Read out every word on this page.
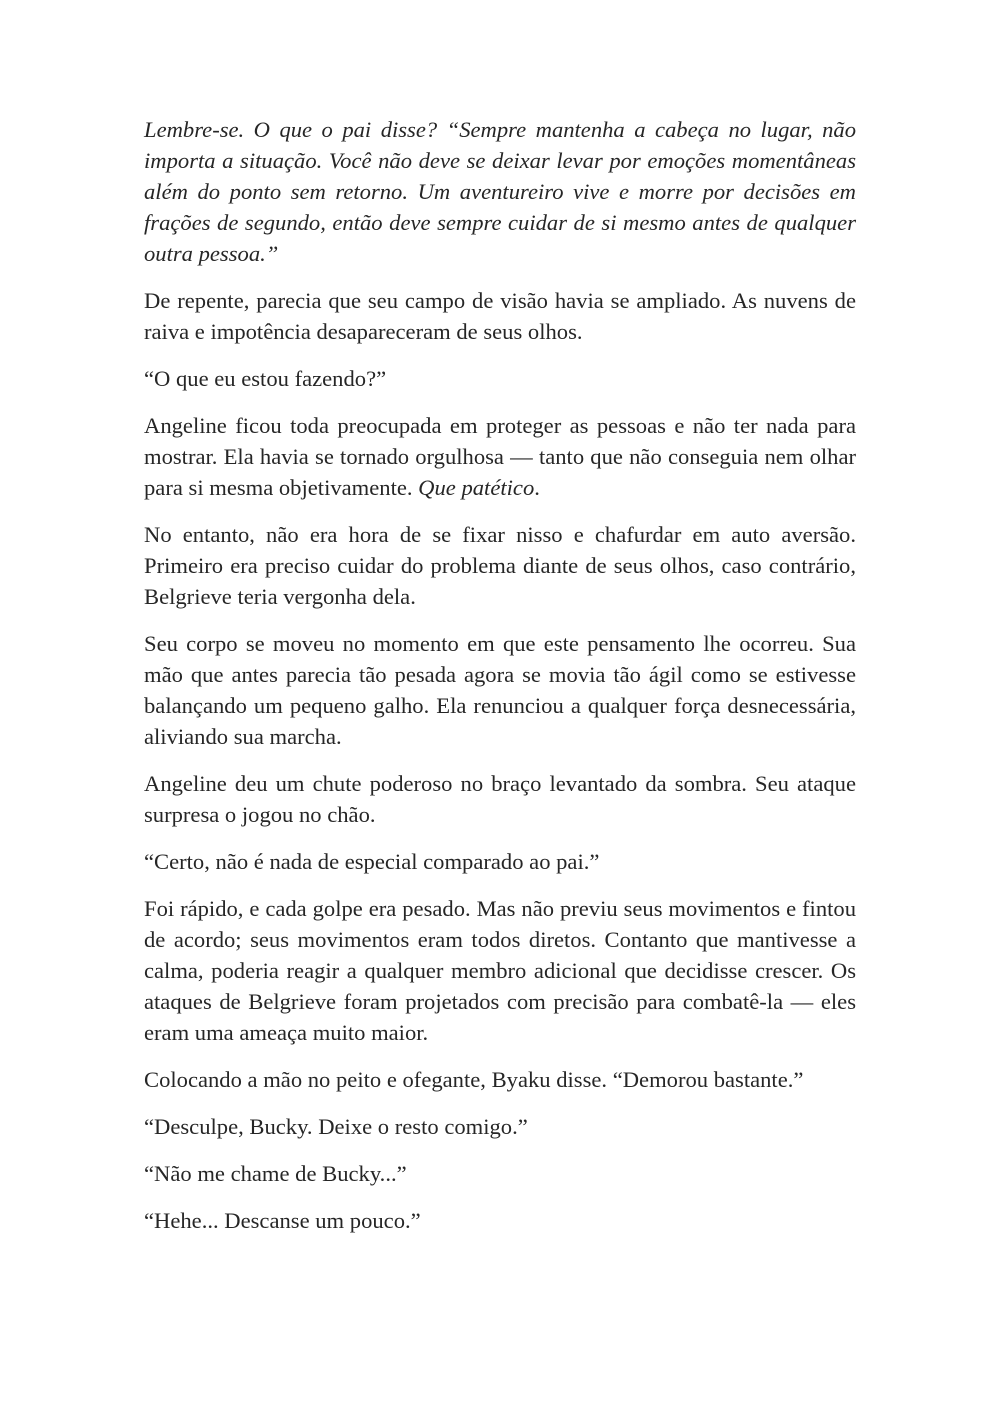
Lembre-se. O que o pai disse? “Sempre mantenha a cabeça no lugar, não importa a situação. Você não deve se deixar levar por emoções momentâneas além do ponto sem retorno. Um aventureiro vive e morre por decisões em frações de segundo, então deve sempre cuidar de si mesmo antes de qualquer outra pessoa.”

De repente, parecia que seu campo de visão havia se ampliado. As nuvens de raiva e impotência desapareceram de seus olhos.

“O que eu estou fazendo?”

Angeline ficou toda preocupada em proteger as pessoas e não ter nada para mostrar. Ela havia se tornado orgulhosa — tanto que não conseguia nem olhar para si mesma objetivamente. Que patético.

No entanto, não era hora de se fixar nisso e chafurdar em auto aversão. Primeiro era preciso cuidar do problema diante de seus olhos, caso contrário, Belgrieve teria vergonha dela.

Seu corpo se moveu no momento em que este pensamento lhe ocorreu. Sua mão que antes parecia tão pesada agora se movia tão ágil como se estivesse balançando um pequeno galho. Ela renunciou a qualquer força desnecessária, aliviando sua marcha.

Angeline deu um chute poderoso no braço levantado da sombra. Seu ataque surpresa o jogou no chão.

“Certo, não é nada de especial comparado ao pai.”

Foi rápido, e cada golpe era pesado. Mas não previu seus movimentos e fintou de acordo; seus movimentos eram todos diretos. Contanto que mantivesse a calma, poderia reagir a qualquer membro adicional que decidisse crescer. Os ataques de Belgrieve foram projetados com precisão para combatê-la — eles eram uma ameaça muito maior.

Colocando a mão no peito e ofegante, Byaku disse. “Demorou bastante.”

“Desculpe, Bucky. Deixe o resto comigo.”

“Não me chame de Bucky...”

“Hehe... Descanse um pouco.”
